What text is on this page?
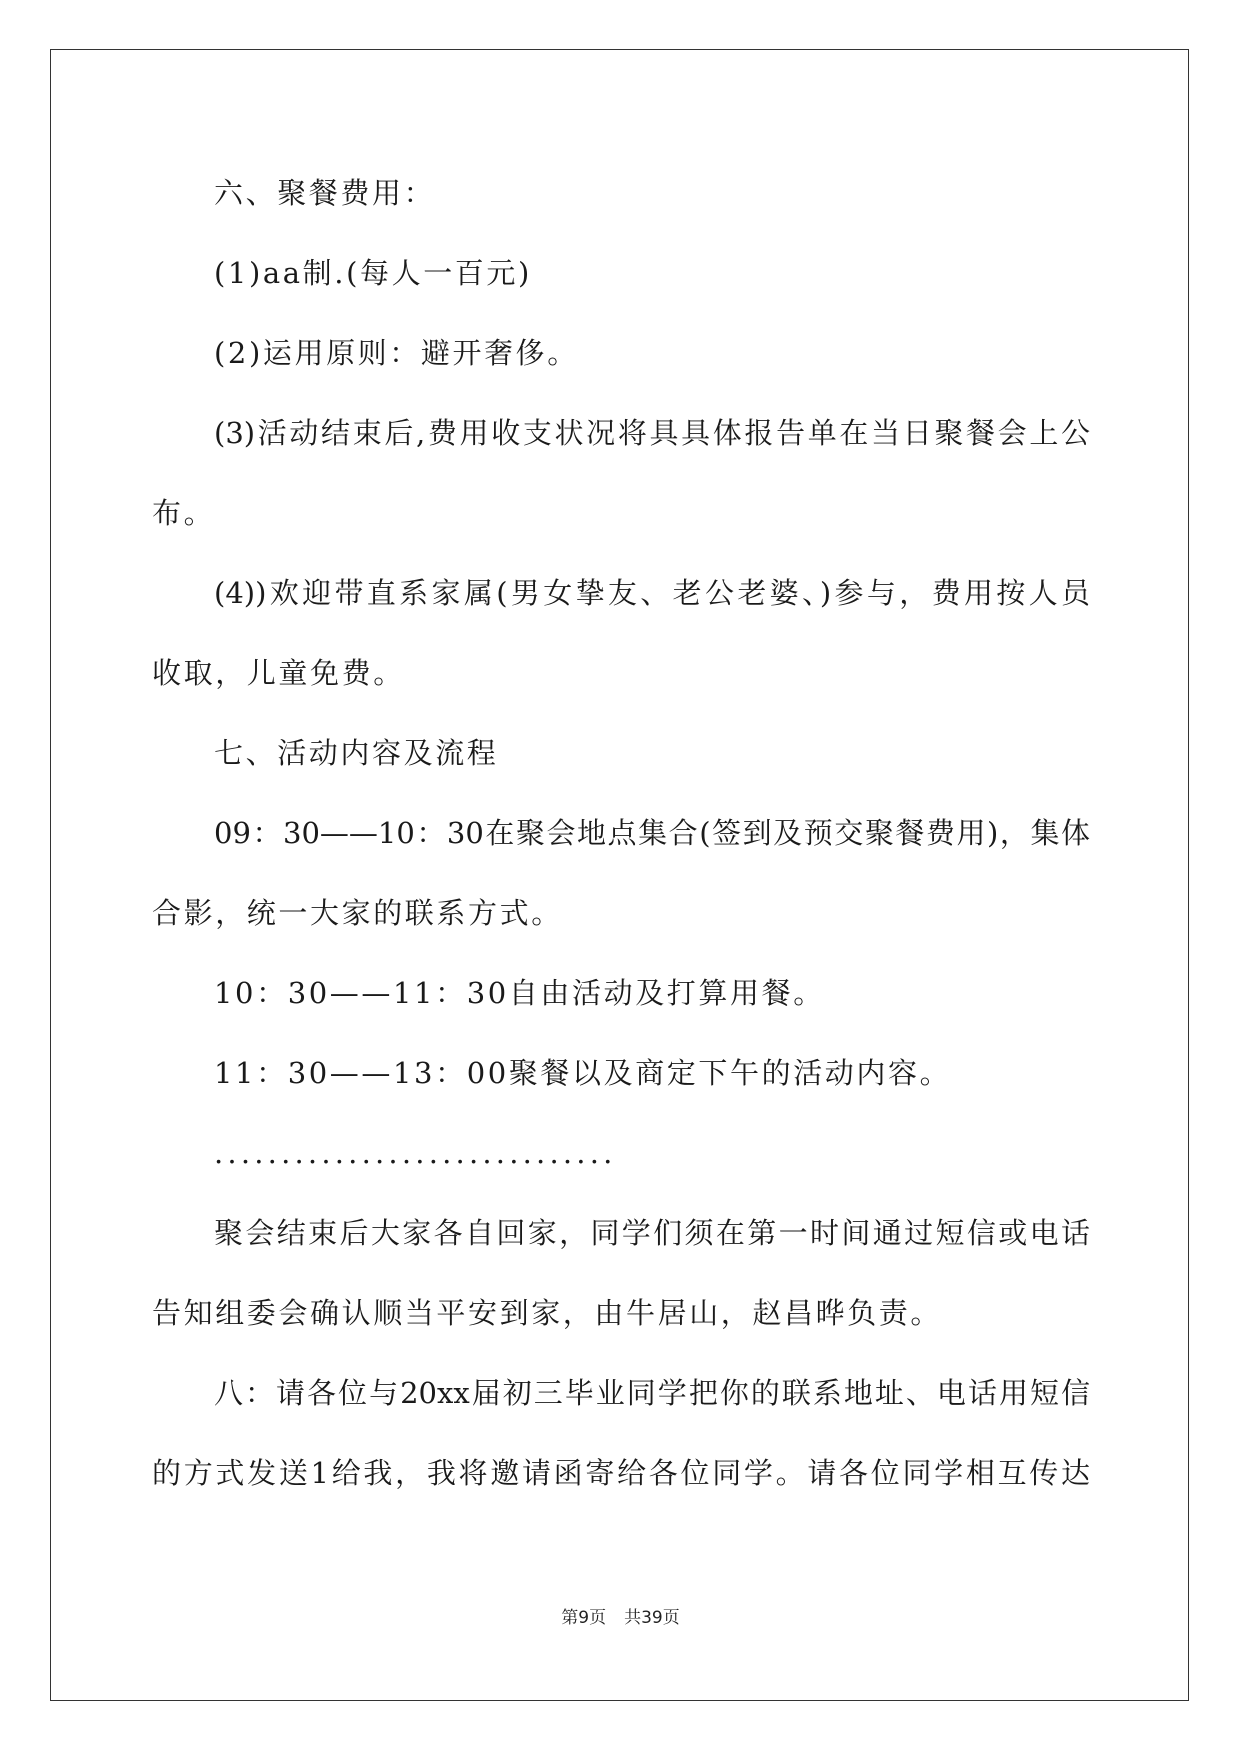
六、聚餐费用：
(1)aa制.(每人一百元)
(2)运用原则：避开奢侈。
(3)活动结束后,费用收支状况将具具体报告单在当日聚餐会上公
布。
(4))欢迎带直系家属(男女挚友、老公老婆、)参与，费用按人员
收取，儿童免费。
七、活动内容及流程
09：30——10：30在聚会地点集合(签到及预交聚餐费用)，集体
合影，统一大家的联系方式。
10：30——11：30自由活动及打算用餐。
11：30——13：00聚餐以及商定下午的活动内容。
..............................
聚会结束后大家各自回家，同学们须在第一时间通过短信或电话
告知组委会确认顺当平安到家，由牛居山，赵昌晔负责。
八：请各位与20xx届初三毕业同学把你的联系地址、电话用短信
的方式发送1给我，我将邀请函寄给各位同学。请各位同学相互传达
第9页 共39页
